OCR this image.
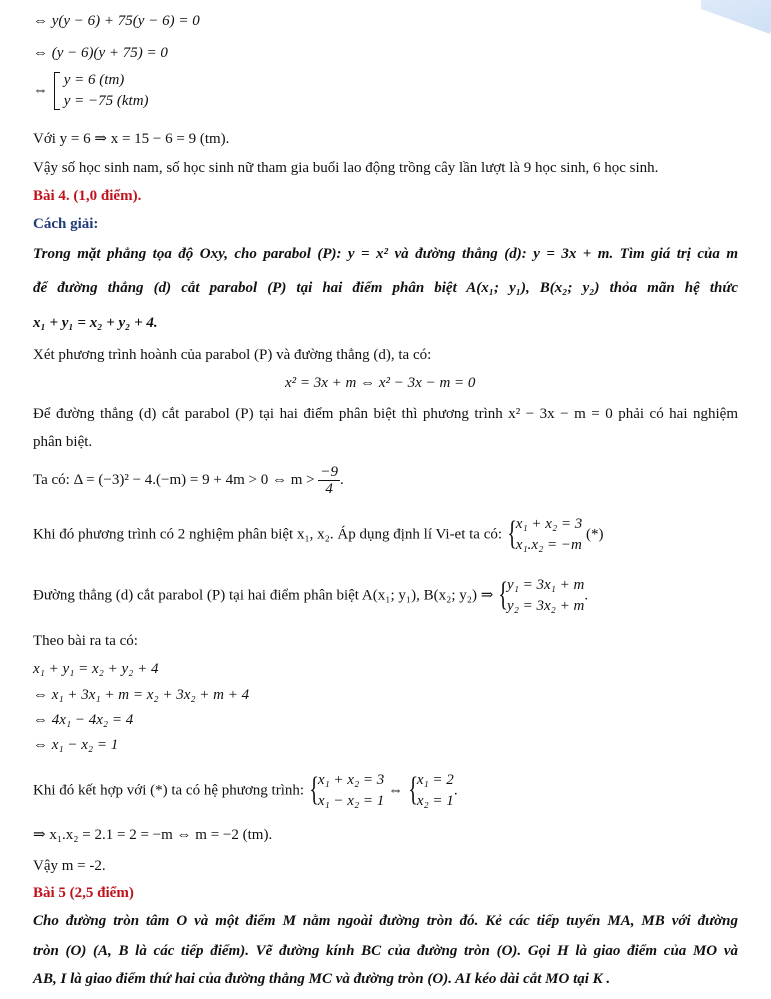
⇔ y(y − 6) + 75(y − 6) = 0
⇔ (y − 6)(y + 75) = 0
⇔
y = 6 (tm)
y = −75 (ktm)
Với y = 6 ⇒ x = 15 − 6 = 9 (tm).
Vậy số học sinh nam, số học sinh nữ tham gia buổi lao động trồng cây lần lượt là 9 học sinh, 6 học sinh.
Bài 4. (1,0 điểm).
Cách giải:
Trong mặt phẳng tọa độ Oxy, cho parabol (P): y = x² và đường thẳng (d): y = 3x + m. Tìm giá trị của m
để đường thẳng (d) cắt parabol (P) tại hai điểm phân biệt A(x₁; y₁), B(x₂; y₂) thỏa mãn hệ thức
x₁ + y₁ = x₂ + y₂ + 4.
Xét phương trình hoành của parabol (P) và đường thẳng (d), ta có:
x² = 3x + m ⇔ x² − 3x − m = 0
Để đường thẳng (d) cắt parabol (P) tại hai điểm phân biệt thì phương trình x² − 3x − m = 0 phải có hai nghiệm
phân biệt.
Ta có: Δ = (−3)² − 4.(−m) = 9 + 4m > 0 ⇔ $m > \frac{-9}{4}$ .
Khi đó phương trình có 2 nghiệm phân biệt x₁, x₂. Áp dụng định lí Vi-et ta có: {
x₁ + x₂ = 3
x₁.x₂ = −m (*)
Đường thẳng (d) cắt parabol (P) tại hai điểm phân biệt A(x₁; y₁), B(x₂; y₂) ⇒ {
y₁ = 3x₁ + m
y₂ = 3x₂ + m.
Theo bài ra ta có:
x₁ + y₁ = x₂ + y₂ + 4
⇔ x₁ + 3x₁ + m = x₂ + 3x₂ + m + 4
⇔ 4x₁ − 4x₂ = 4
⇔ x₁ − x₂ = 1
Khi đó kết hợp với (*) ta có hệ phương trình: {
x₁ + x₂ = 3
x₁ − x₂ = 1 ⇔ {
x₁ = 2
x₂ = 1.
⇒ x₁.x₂ = 2.1 = 2 = −m ⇔ m = −2 (tm).
Vậy m = -2.
Bài 5 (2,5 điểm)
Cho đường tròn tâm O và một điểm M nằm ngoài đường tròn đó. Kẻ các tiếp tuyến MA, MB với đường
tròn (O) (A, B là các tiếp điểm). Vẽ đường kính BC của đường tròn (O). Gọi H là giao điểm của MO và
AB, I là giao điểm thứ hai của đường thẳng MC và đường tròn (O). AI kéo dài cắt MO tại K .
